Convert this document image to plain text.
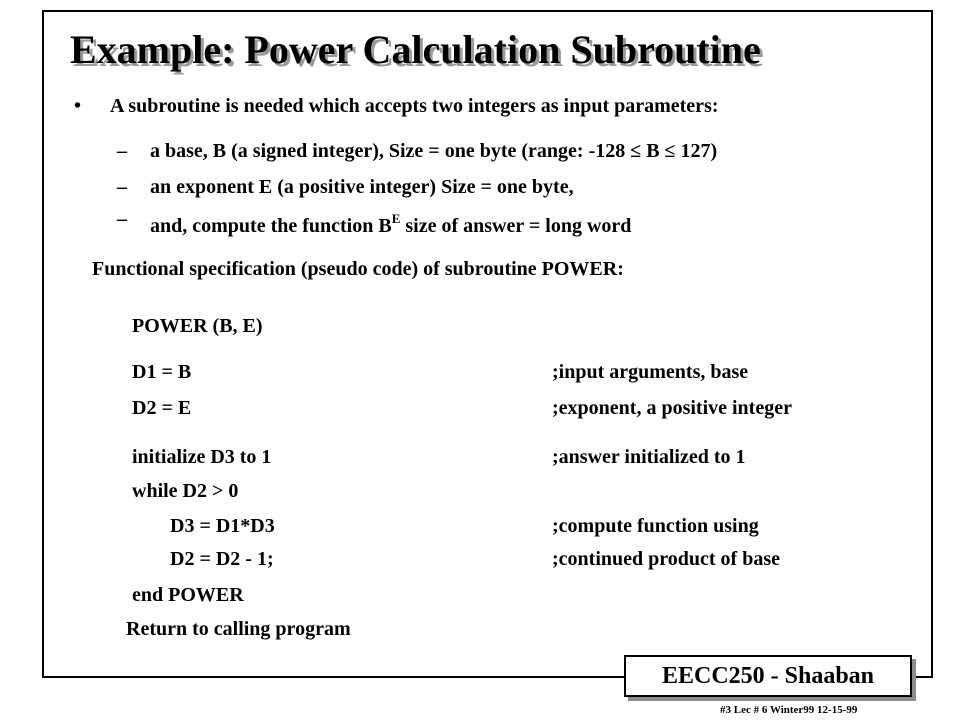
Example: Power Calculation Subroutine
• A subroutine is needed which accepts two integers as input parameters:
– a base, B (a signed integer), Size = one byte (range: -128 ≤ B ≤ 127)
– an exponent E (a positive integer) Size = one byte,
– and, compute the function $B^E$ size of answer = long word
Functional specification (pseudo code) of subroutine POWER:
POWER (B, E)
D1 = B	;input arguments, base
D2 = E	;exponent, a positive integer
initialize D3 to 1	;answer initialized to 1
while D2 > 0
D3 = D1*D3	;compute function using
D2 = D2 - 1;	;continued product of base
end POWER
Return to calling program
EECC250 - Shaaban
#3 Lec # 6 Winter99 12-15-99
